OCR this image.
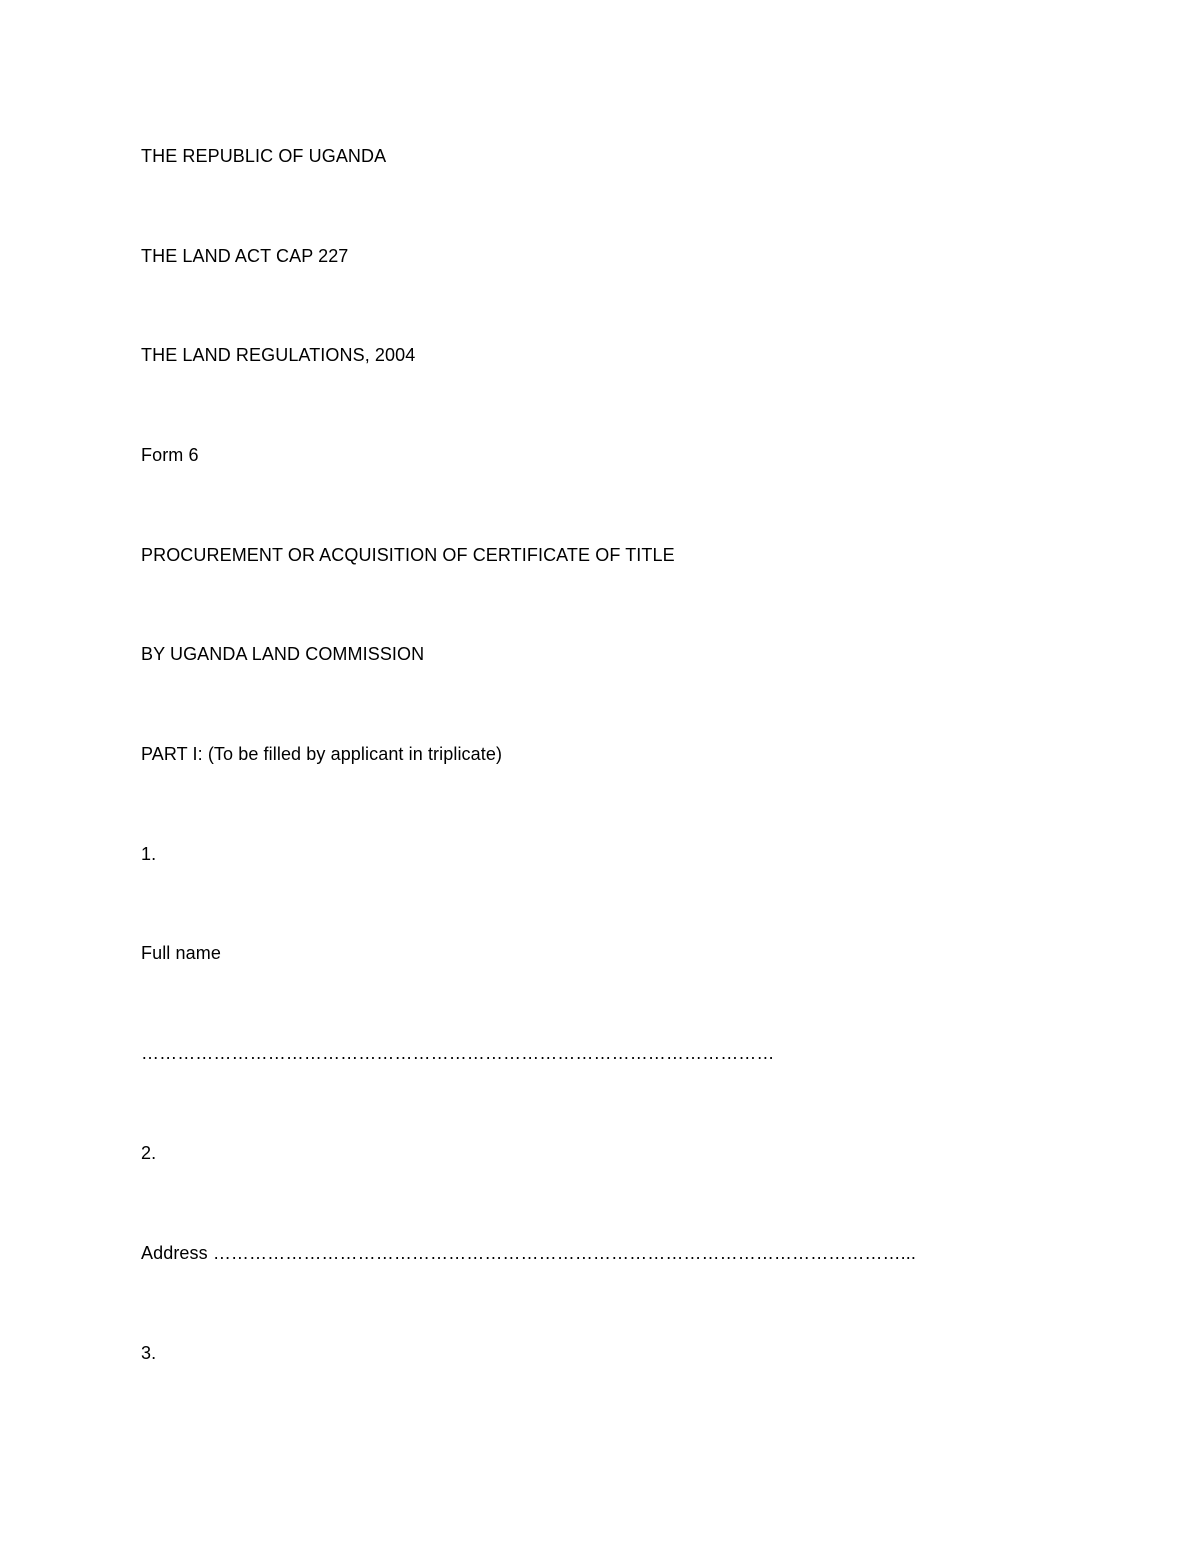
THE REPUBLIC OF UGANDA
THE LAND ACT CAP 227
THE LAND REGULATIONS, 2004
Form 6
PROCUREMENT OR ACQUISITION OF CERTIFICATE OF TITLE
BY UGANDA LAND COMMISSION
PART I: (To be filled by applicant in triplicate)
1.
Full name
……………………………………………………………………………………………
2.
Address ……………………………………………………………………………………………………...
3.
